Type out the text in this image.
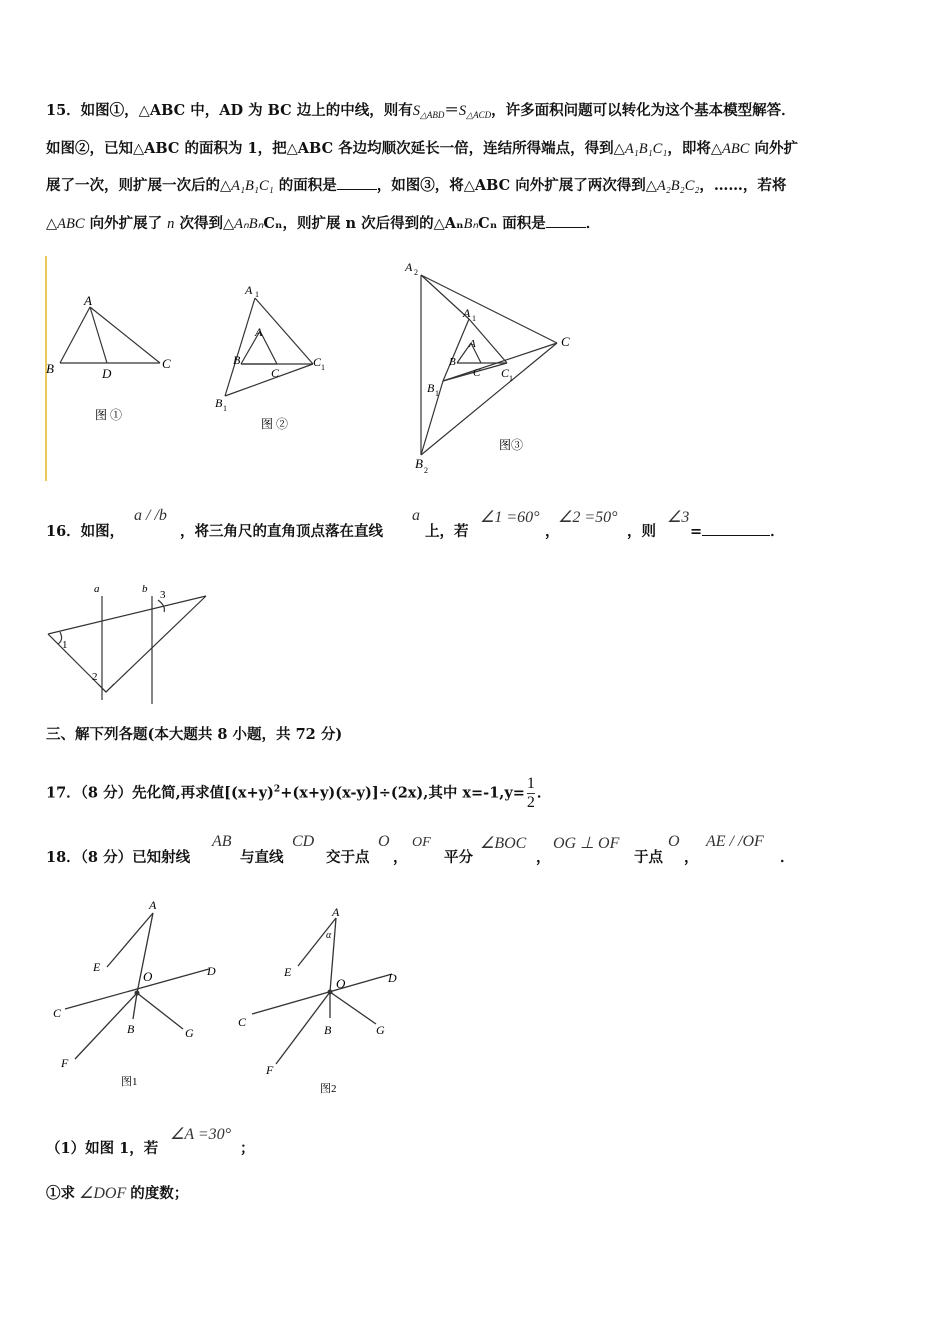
15．如图①，△ABC 中，AD 为 BC 边上的中线，则有$S_{\triangle ABD}=S_{\triangle ACD}$，许多面积问题可以转化为这个基本模型解答．
如图②，已知△ABC 的面积为 1，把△ABC 各边均顺次延长一倍，连结所得端点，得到△A₁B₁C₁，即将△ABC 向外扩
展了一次，则扩展一次后的△A₁B₁C₁ 的面积是	，如图③，将△ABC 向外扩展了两次得到△A₂B₂C₂，……，若将
△ABC 向外扩展了 n 次得到△AₙBₙCₙ，则扩展 n 次后得到的△AₙBₙCₙ 面积是	．
A
B	C
D
图 ①
A 1
A
B
C
C 1
B 1
图 ②
A 2
A 1
A
B
C C 1
C
B 1
B 2
图③
16．如图，
a / /b
，将三角尺的直角顶点落在直线
a
上，若
∠1 =60°
，
∠2 =50°
，则
∠3
=	．
a	b
1
2
3
三、解下列各题(本大题共 8 小题，共 72 分)
17．（8 分）先化简,再求值$[(x+y)^2+(x+y)(x-y)]\div(2x)$,其中 $x=-1,y= \frac{1}{2}$ ．
18．（8 分）已知射线
AB
与直线
CD
交于点
O
，
OF
平分
∠BOC
，
OG ⊥ OF
于点
O
，
AE / /OF
．
A
E
O	D
C
B	G
F
图1
A
α
E
O	D
C
B	G
F
图2
（1）如图 1，若
∠A =30°
；
①求 ∠DOF 的度数；
